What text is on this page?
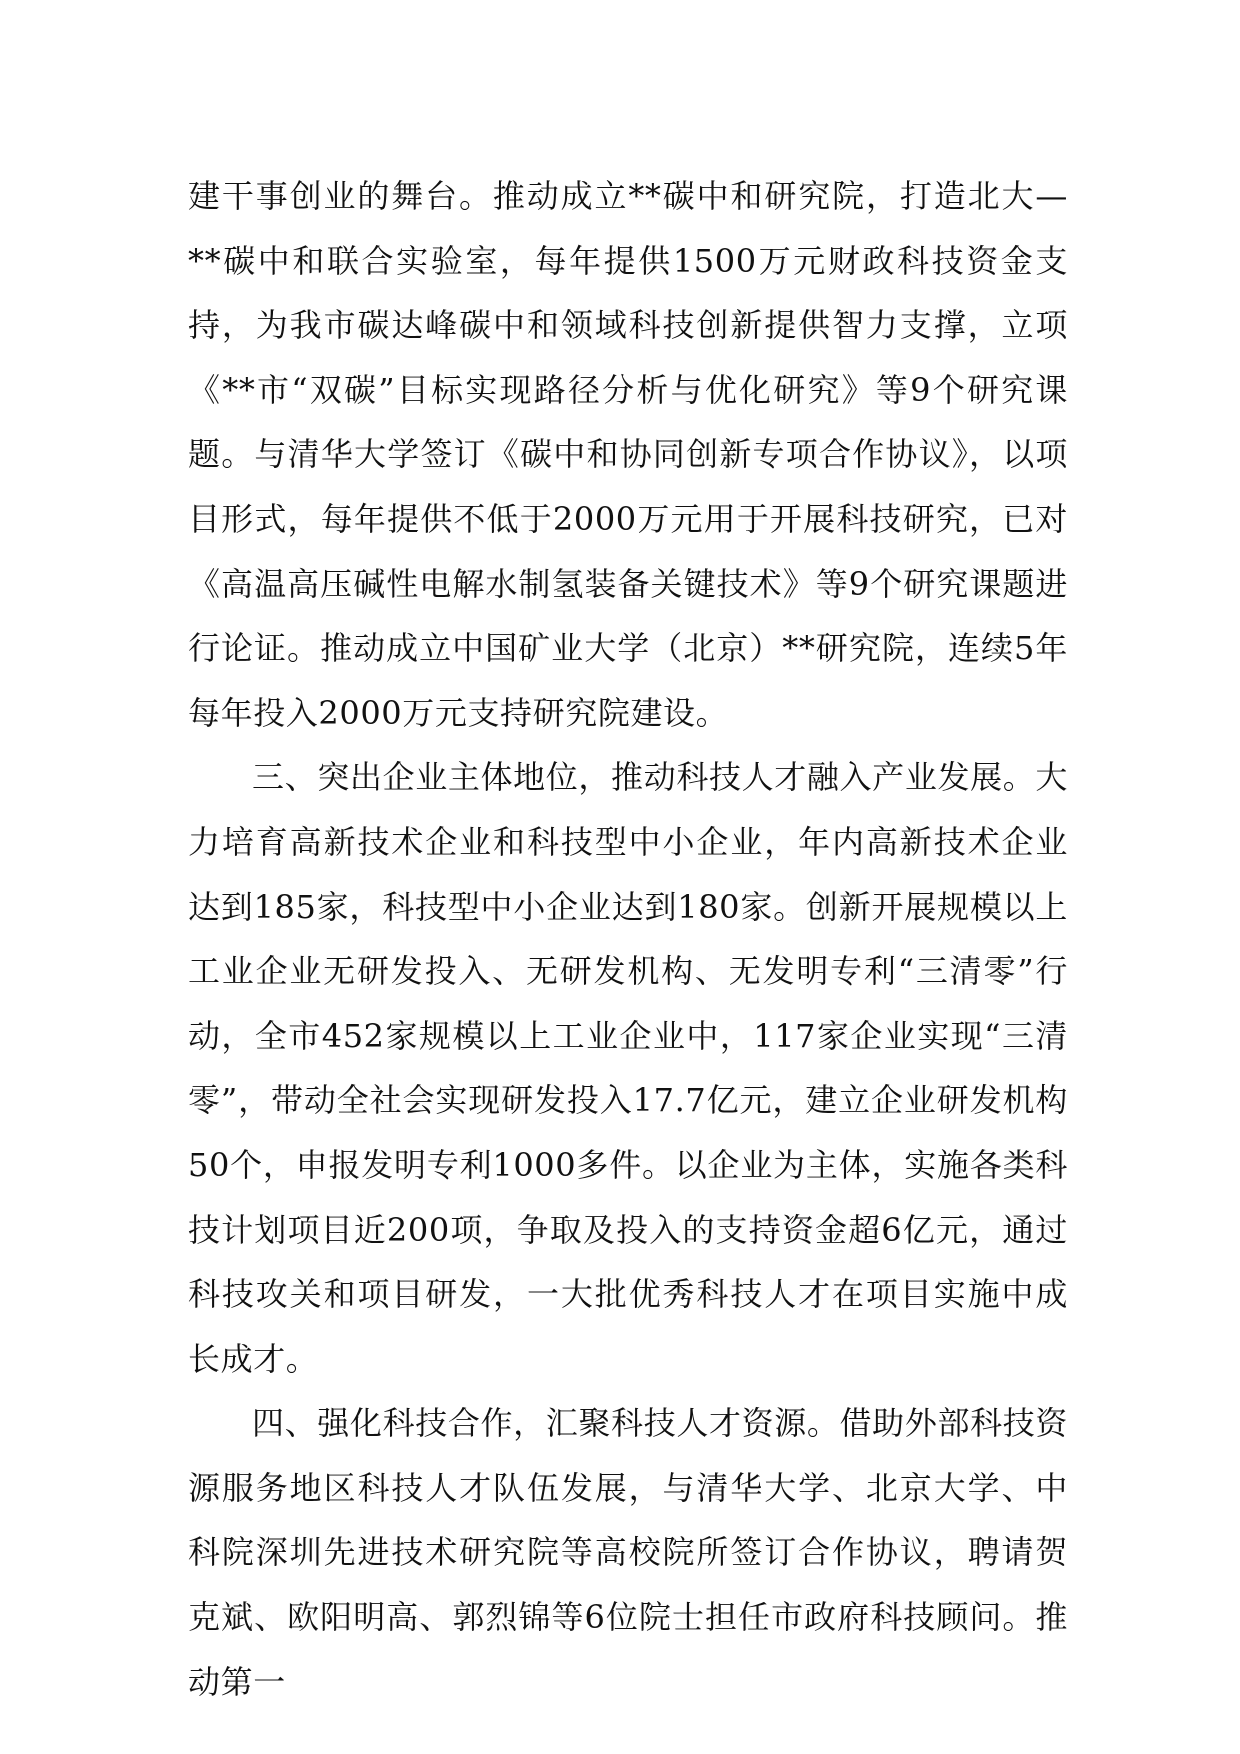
建干事创业的舞台。推动成立**碳中和研究院，打造北大—**碳中和联合实验室，每年提供1500万元财政科技资金支持，为我市碳达峰碳中和领域科技创新提供智力支撑，立项《**市“双碳”目标实现路径分析与优化研究》等9个研究课题。与清华大学签订《碳中和协同创新专项合作协议》，以项目形式，每年提供不低于2000万元用于开展科技研究，已对《高温高压碱性电解水制氢装备关键技术》等9个研究课题进行论证。推动成立中国矿业大学（北京）**研究院，连续5年每年投入2000万元支持研究院建设。

三、突出企业主体地位，推动科技人才融入产业发展。大力培育高新技术企业和科技型中小企业，年内高新技术企业达到185家，科技型中小企业达到180家。创新开展规模以上工业企业无研发投入、无研发机构、无发明专利“三清零”行动，全市452家规模以上工业企业中，117家企业实现“三清零”，带动全社会实现研发投入17.7亿元，建立企业研发机构50个，申报发明专利1000多件。以企业为主体，实施各类科技计划项目近200项，争取及投入的支持资金超6亿元，通过科技攻关和项目研发，一大批优秀科技人才在项目实施中成长成才。

四、强化科技合作，汇聚科技人才资源。借助外部科技资源服务地区科技人才队伍发展，与清华大学、北京大学、中科院深圳先进技术研究院等高校院所签订合作协议，聘请贺克斌、欧阳明高、郭烈锦等6位院士担任市政府科技顾问。推动第一
